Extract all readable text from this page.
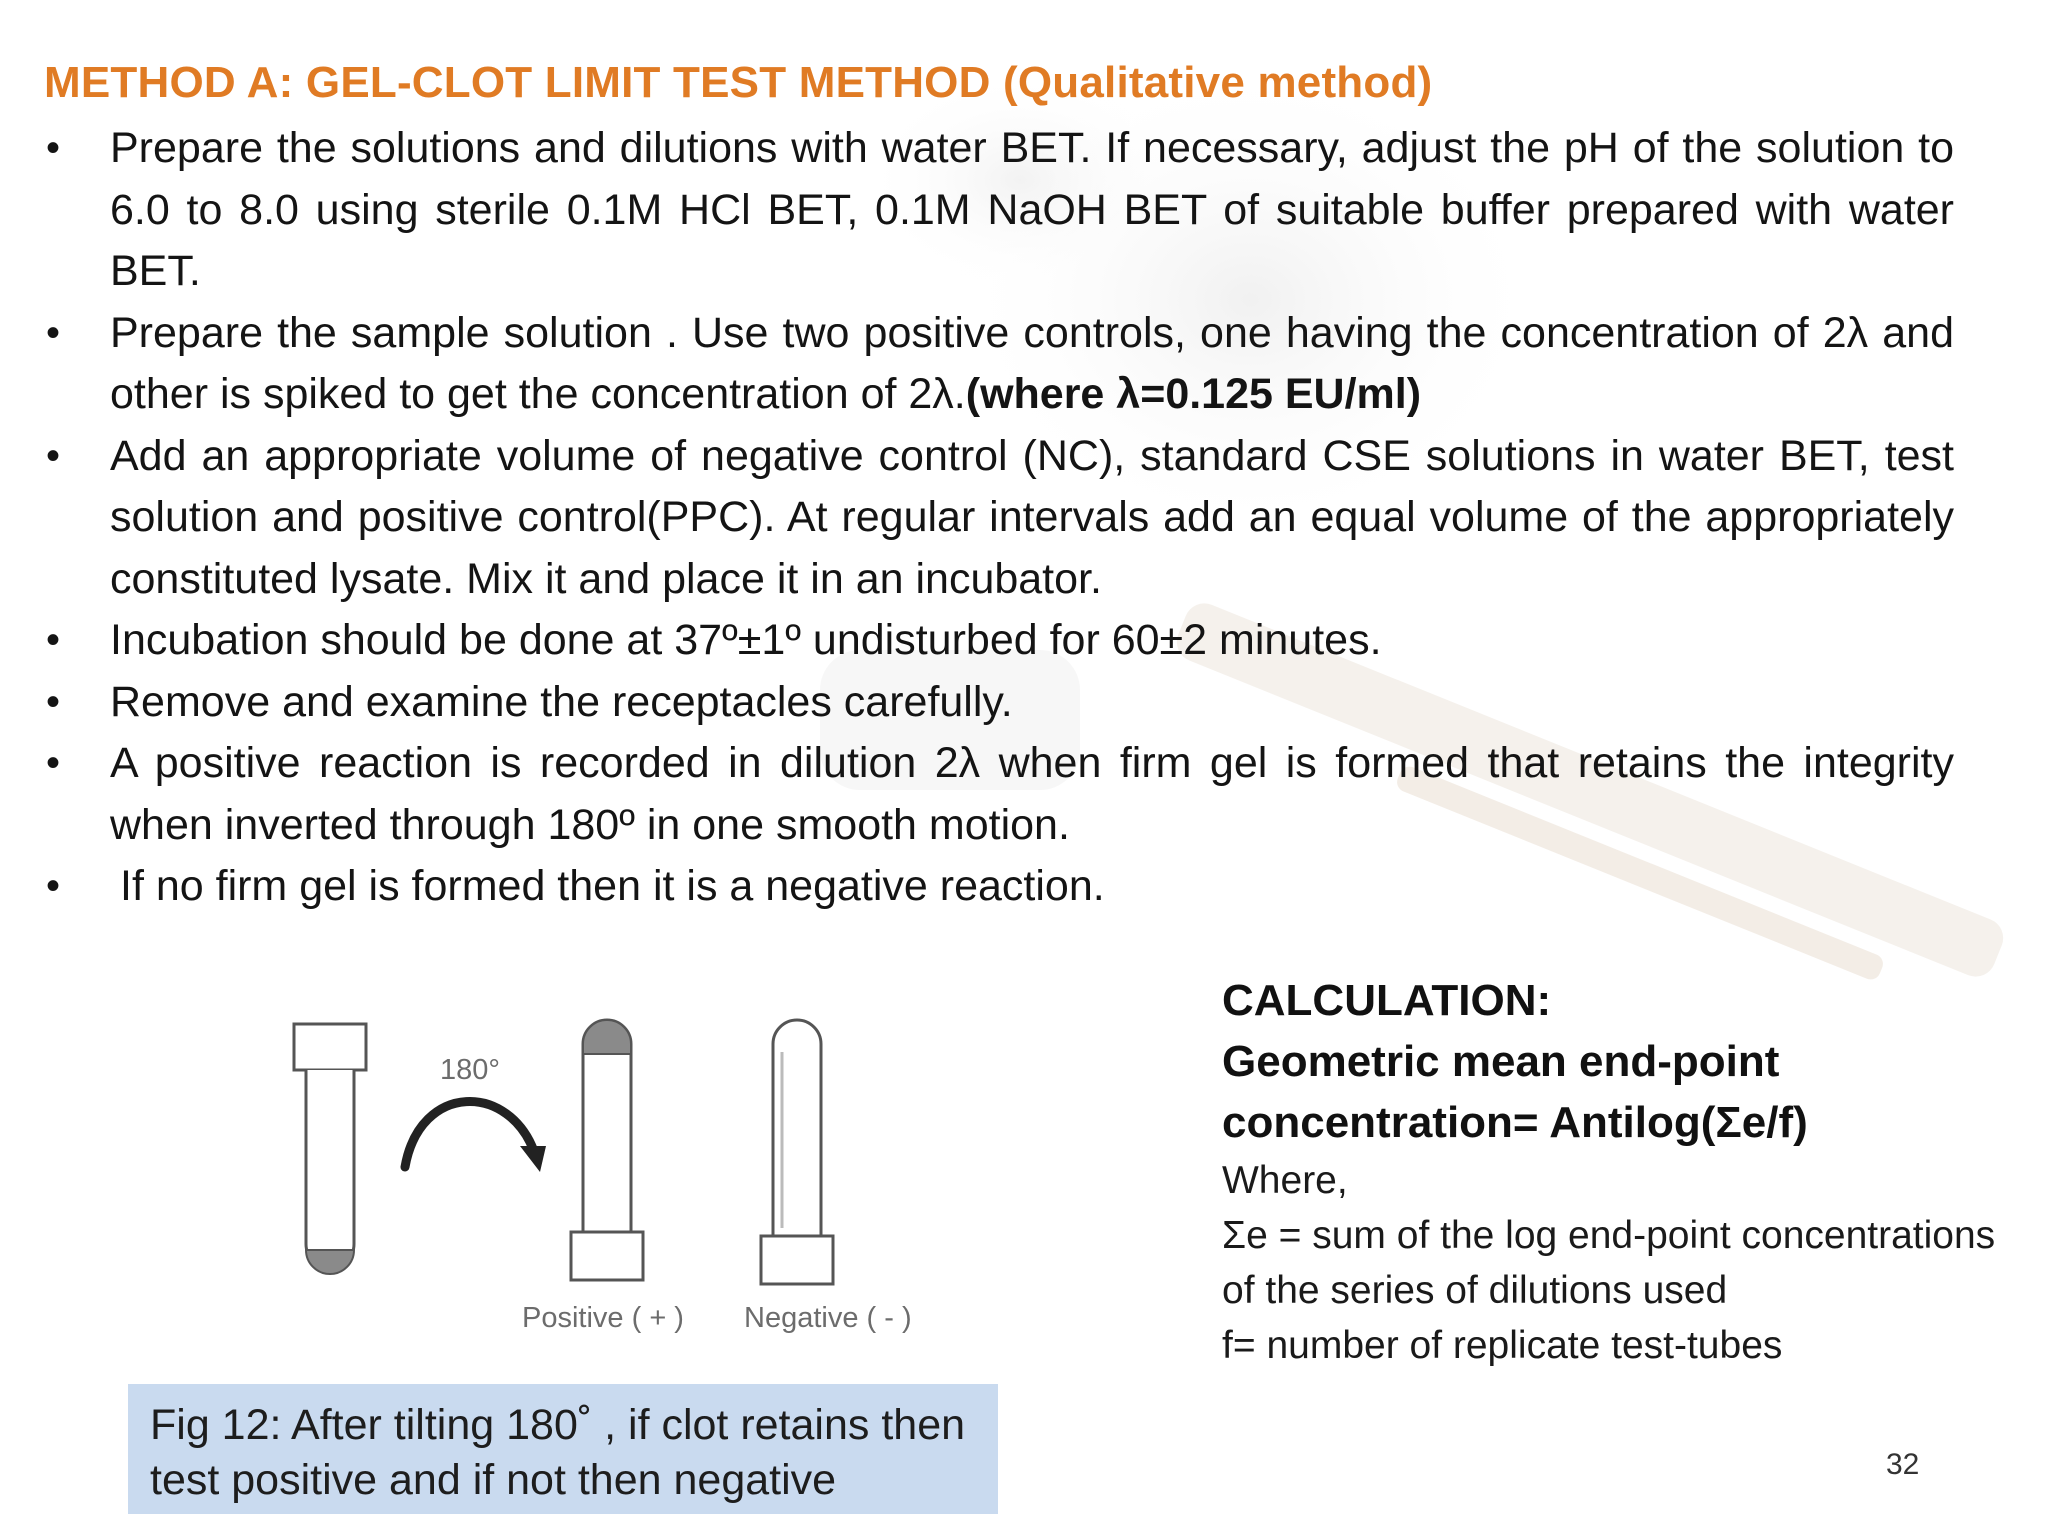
METHOD A: GEL-CLOT LIMIT TEST METHOD (Qualitative method)
• Prepare the solutions and dilutions with water BET. If necessary, adjust the pH of the solution to 6.0 to 8.0 using sterile 0.1M HCl BET, 0.1M NaOH BET of suitable buffer prepared with water BET.
• Prepare the sample solution . Use two positive controls, one having the concentration of 2λ and other is spiked to get the concentration of 2λ.(where λ=0.125 EU/ml)
• Add an appropriate volume of negative control (NC), standard CSE solutions in water BET, test solution and positive control(PPC). At regular intervals add an equal volume of the appropriately constituted lysate. Mix it and place it in an incubator.
• Incubation should be done at 37º±1º undisturbed for 60±2 minutes.
• Remove and examine the receptacles carefully.
• A positive reaction is recorded in dilution 2λ when firm gel is formed that retains the integrity when inverted through 180º in one smooth motion.
• If no firm gel is formed then it is a negative reaction.
180°
Positive ( + ) Negative ( - )
Fig 12: After tilting 180˚ , if clot retains then
test positive and if not then negative
CALCULATION:
Geometric mean end-point
concentration= Antilog(Σe/f)
Where,
Σe = sum of the log end-point concentrations of the series of dilutions used
f= number of replicate test-tubes
32
